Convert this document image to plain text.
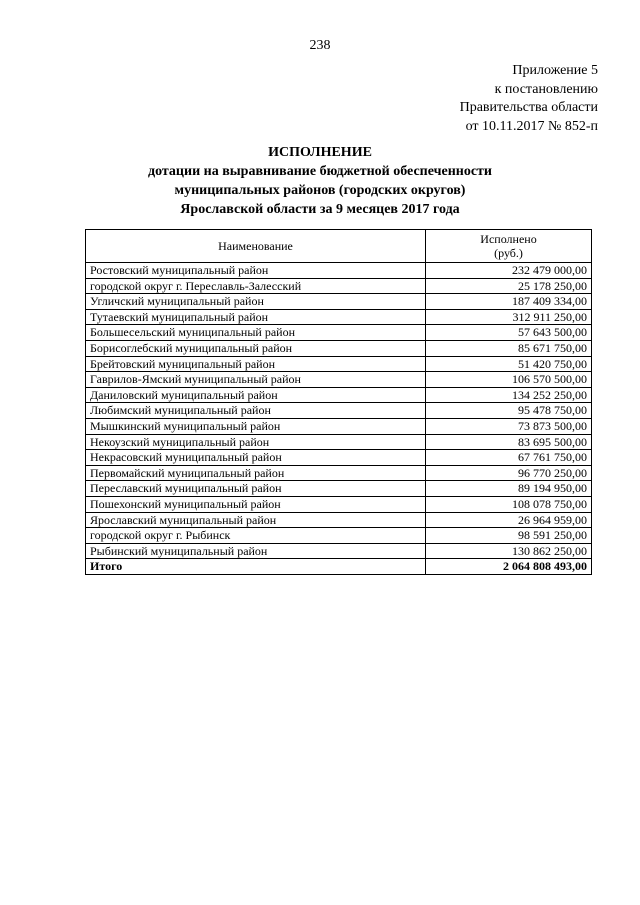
238
Приложение 5
к постановлению
Правительства области
от 10.11.2017 № 852-п
ИСПОЛНЕНИЕ
дотации на выравнивание бюджетной обеспеченности
муниципальных районов (городских округов)
Ярославской области за 9 месяцев 2017 года
Наименование	Исполнено
(руб.)

Ростовский муниципальный район	232 479 000,00
городской округ г. Переславль-Залесский	25 178 250,00
Угличский муниципальный район	187 409 334,00
Тутаевский муниципальный район	312 911 250,00
Большесельский муниципальный район	57 643 500,00
Борисоглебский муниципальный район	85 671 750,00
Брейтовский муниципальный район	51 420 750,00
Гаврилов-Ямский муниципальный район	106 570 500,00
Даниловский муниципальный район	134 252 250,00
Любимский муниципальный район	95 478 750,00
Мышкинский муниципальный район	73 873 500,00
Некоузский муниципальный район	83 695 500,00
Некрасовский муниципальный район	67 761 750,00
Первомайский муниципальный район	96 770 250,00
Переславский муниципальный район	89 194 950,00
Пошехонский муниципальный район	108 078 750,00
Ярославский муниципальный район	26 964 959,00
городской округ г. Рыбинск	98 591 250,00
Рыбинский муниципальный район	130 862 250,00
Итого	2 064 808 493,00
